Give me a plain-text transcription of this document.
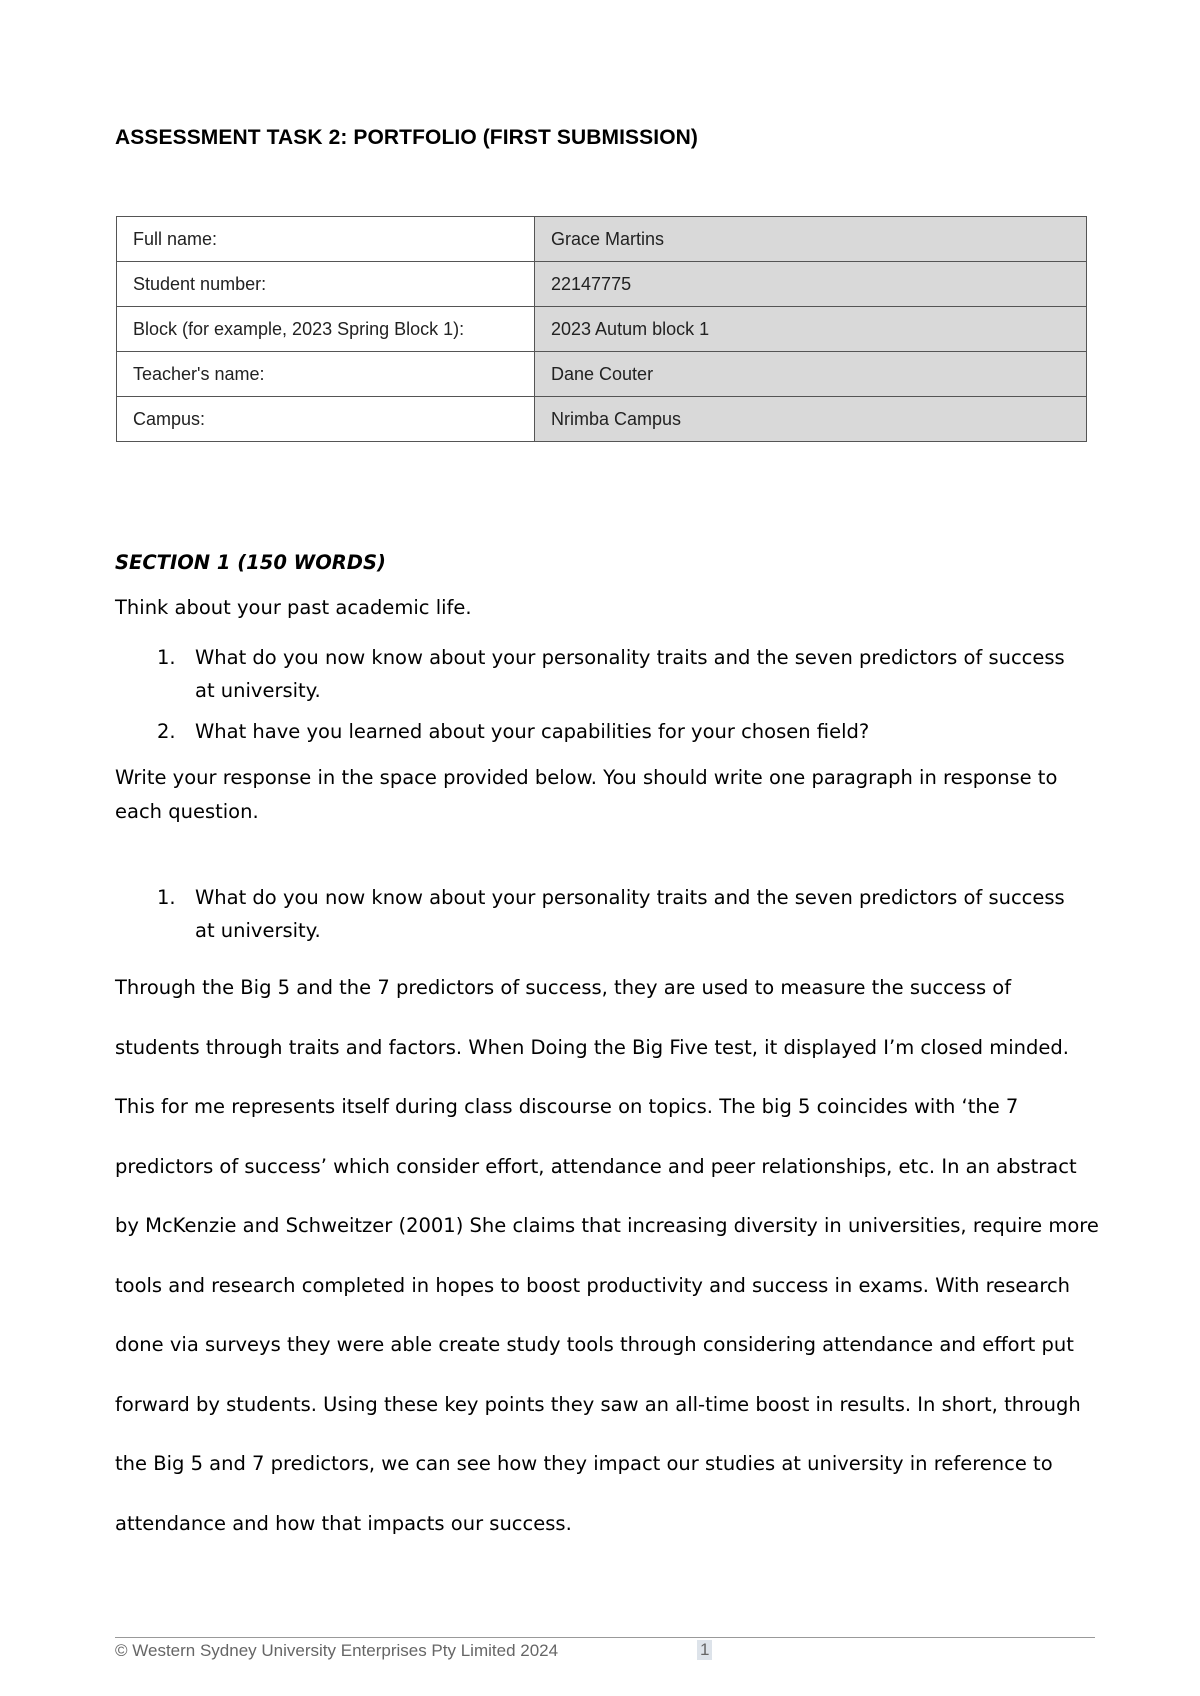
ASSESSMENT TASK 2: PORTFOLIO (FIRST SUBMISSION)
Full name:	Grace Martins
Student number:	22147775
Block (for example, 2023 Spring Block 1):	2023 Autum block 1
Teacher's name:	Dane Couter
Campus:	Nrimba Campus
SECTION 1 (150 WORDS)
Think about your past academic life.
1. What do you now know about your personality traits and the seven predictors of success at university.
2. What have you learned about your capabilities for your chosen field?

Write your response in the space provided below. You should write one paragraph in response to each question.

1. What do you now know about your personality traits and the seven predictors of success at university.

Through the Big 5 and the 7 predictors of success, they are used to measure the success of students through traits and factors. When Doing the Big Five test, it displayed I’m closed minded. This for me represents itself during class discourse on topics. The big 5 coincides with ‘the 7 predictors of success’ which consider effort, attendance and peer relationships, etc. In an abstract by McKenzie and Schweitzer (2001) She claims that increasing diversity in universities, require more tools and research completed in hopes to boost productivity and success in exams. With research done via surveys they were able create study tools through considering attendance and effort put forward by students. Using these key points they saw an all-time boost in results. In short, through the Big 5 and 7 predictors, we can see how they impact our studies at university in reference to attendance and how that impacts our success.

© Western Sydney University Enterprises Pty Limited 2024	1
